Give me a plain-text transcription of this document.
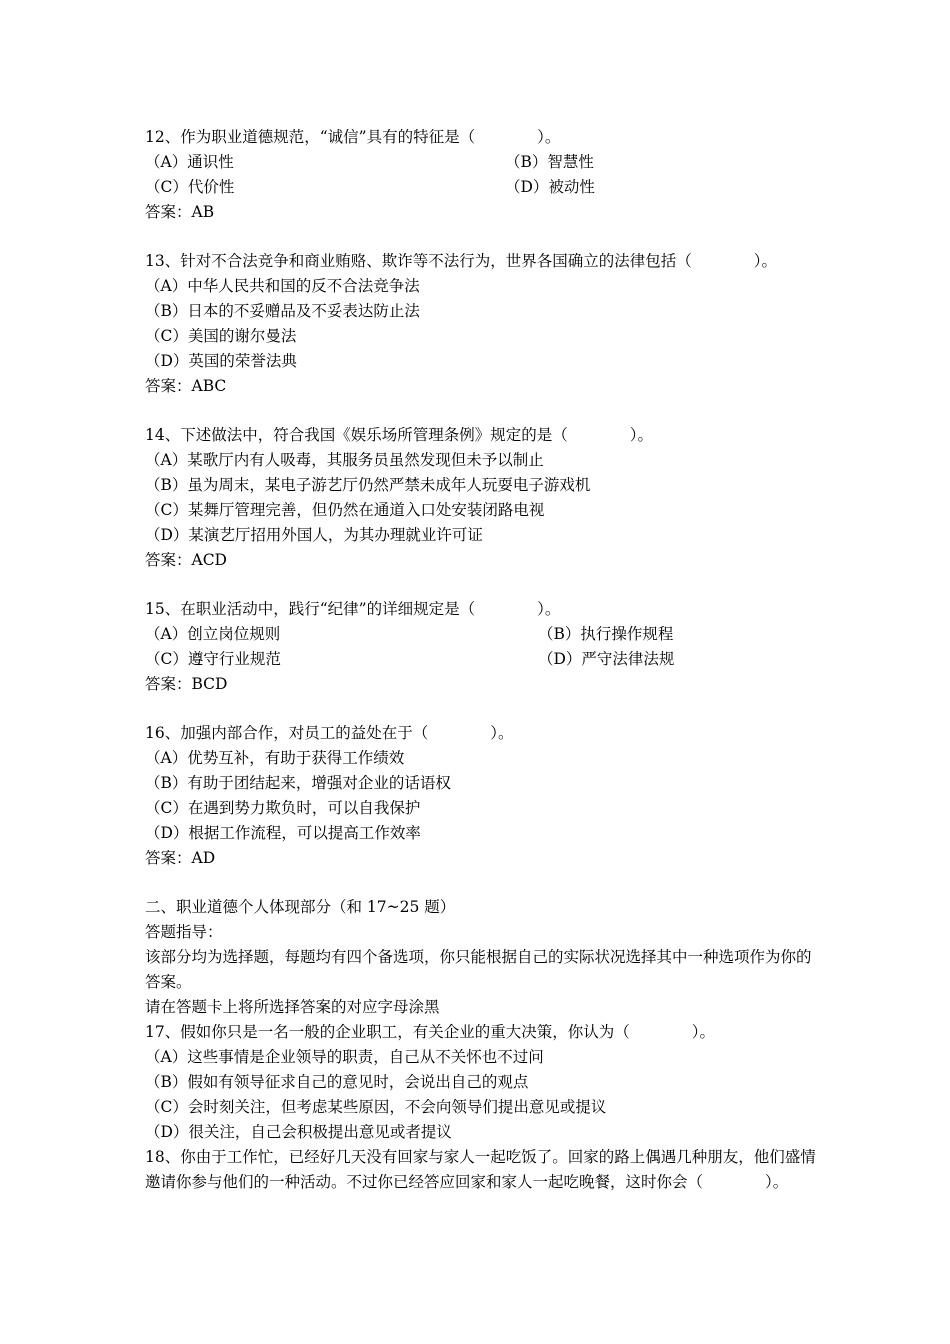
12、作为职业道德规范，“诚信”具有的特征是（　　　　）。
（A）通识性	（B）智慧性
（C）代价性	（D）被动性
答案：AB
13、针对不合法竞争和商业贿赂、欺诈等不法行为，世界各国确立的法律包括（　　　　）。
（A）中华人民共和国的反不合法竞争法
（B）日本的不妥赠品及不妥表达防止法
（C）美国的谢尔曼法
（D）英国的荣誉法典
答案：ABC
14、下述做法中，符合我国《娱乐场所管理条例》规定的是（　　　　）。
（A）某歌厅内有人吸毒，其服务员虽然发现但未予以制止
（B）虽为周末，某电子游艺厅仍然严禁未成年人玩耍电子游戏机
（C）某舞厅管理完善，但仍然在通道入口处安装闭路电视
（D）某演艺厅招用外国人，为其办理就业许可证
答案：ACD
15、在职业活动中，践行“纪律”的详细规定是（　　　　）。
（A）创立岗位规则	（B）执行操作规程
（C）遵守行业规范	（D）严守法律法规
答案：BCD
16、加强内部合作，对员工的益处在于（　　　　）。
（A）优势互补，有助于获得工作绩效
（B）有助于团结起来，增强对企业的话语权
（C）在遇到势力欺负时，可以自我保护
（D）根据工作流程，可以提高工作效率
答案：AD
二、职业道德个人体现部分（和 17~25 题）
答题指导：
该部分均为选择题，每题均有四个备选项，你只能根据自己的实际状况选择其中一种选项作为你的答案。
请在答题卡上将所选择答案的对应字母涂黑
17、假如你只是一名一般的企业职工，有关企业的重大决策，你认为（　　　　）。
（A）这些事情是企业领导的职责，自己从不关怀也不过问
（B）假如有领导征求自己的意见时，会说出自己的观点
（C）会时刻关注，但考虑某些原因，不会向领导们提出意见或提议
（D）很关注，自己会积极提出意见或者提议
18、你由于工作忙，已经好几天没有回家与家人一起吃饭了。回家的路上偶遇几种朋友，他们盛情邀请你参与他们的一种活动。不过你已经答应回家和家人一起吃晚餐，这时你会（　　　　）。
